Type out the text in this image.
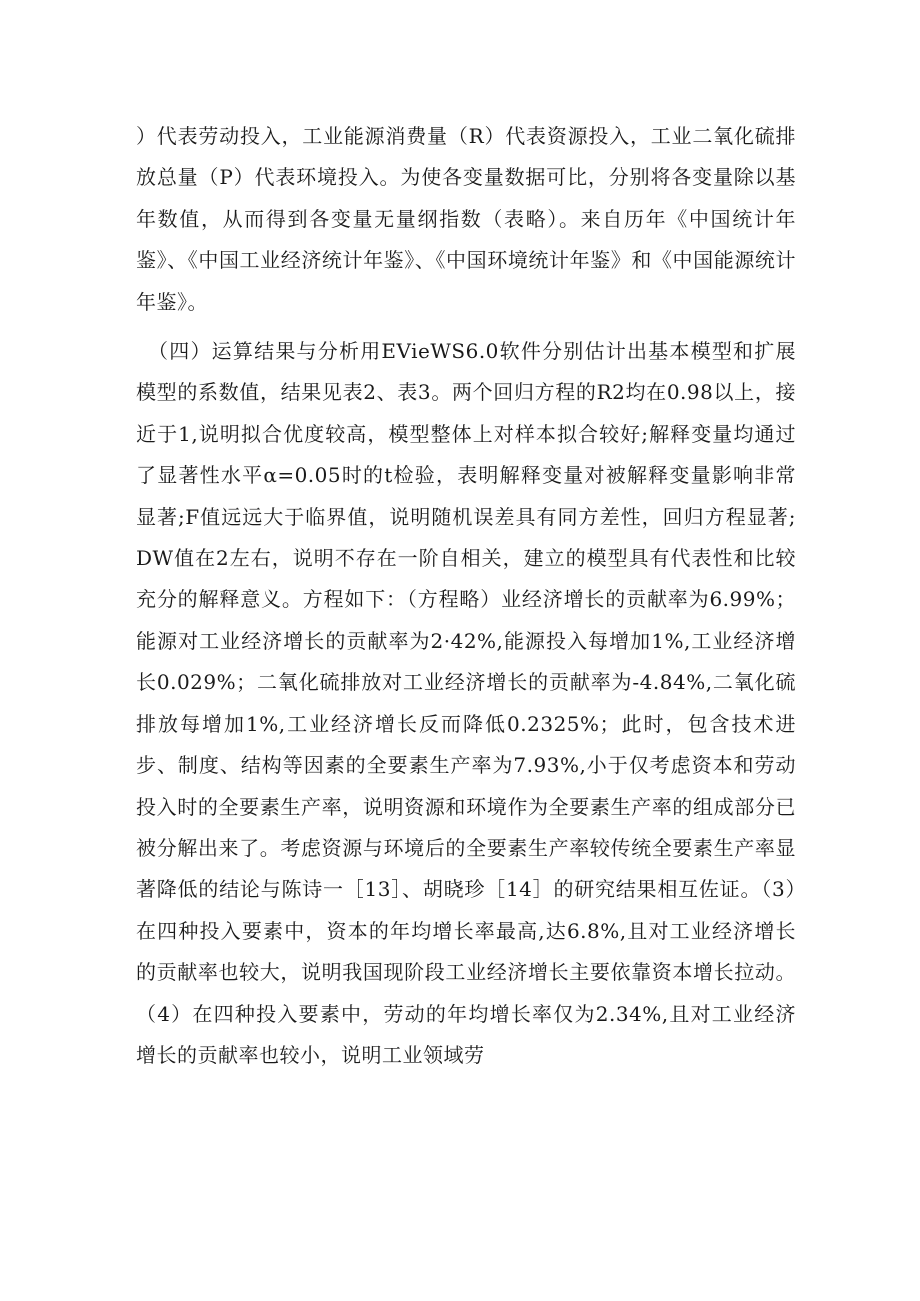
）代表劳动投入，工业能源消费量（R）代表资源投入，工业二氧化硫排放总量（P）代表环境投入。为使各变量数据可比，分别将各变量除以基年数值，从而得到各变量无量纲指数（表略）。来自历年《中国统计年鉴》、《中国工业经济统计年鉴》、《中国环境统计年鉴》和《中国能源统计年鉴》。

（四）运算结果与分析用EVieWS6.0软件分别估计出基本模型和扩展模型的系数值，结果见表2、表3。两个回归方程的R2均在0.98以上，接近于1,说明拟合优度较高，模型整体上对样本拟合较好;解释变量均通过了显著性水平α=0.05时的t检验，表明解释变量对被解释变量影响非常显著;F值远远大于临界值，说明随机误差具有同方差性，回归方程显著;DW值在2左右，说明不存在一阶自相关，建立的模型具有代表性和比较充分的解释意义。方程如下：（方程略）业经济增长的贡献率为6.99%；能源对工业经济增长的贡献率为2·42%,能源投入每增加1%,工业经济增长0.029%；二氧化硫排放对工业经济增长的贡献率为-4.84%,二氧化硫排放每增加1%,工业经济增长反而降低0.2325%；此时，包含技术进步、制度、结构等因素的全要素生产率为7.93%,小于仅考虑资本和劳动投入时的全要素生产率，说明资源和环境作为全要素生产率的组成部分已被分解出来了。考虑资源与环境后的全要素生产率较传统全要素生产率显著降低的结论与陈诗一［13］、胡晓珍［14］的研究结果相互佐证。（3）在四种投入要素中，资本的年均增长率最高,达6.8%,且对工业经济增长的贡献率也较大，说明我国现阶段工业经济增长主要依靠资本增长拉动。（4）在四种投入要素中，劳动的年均增长率仅为2.34%,且对工业经济增长的贡献率也较小，说明工业领域劳
